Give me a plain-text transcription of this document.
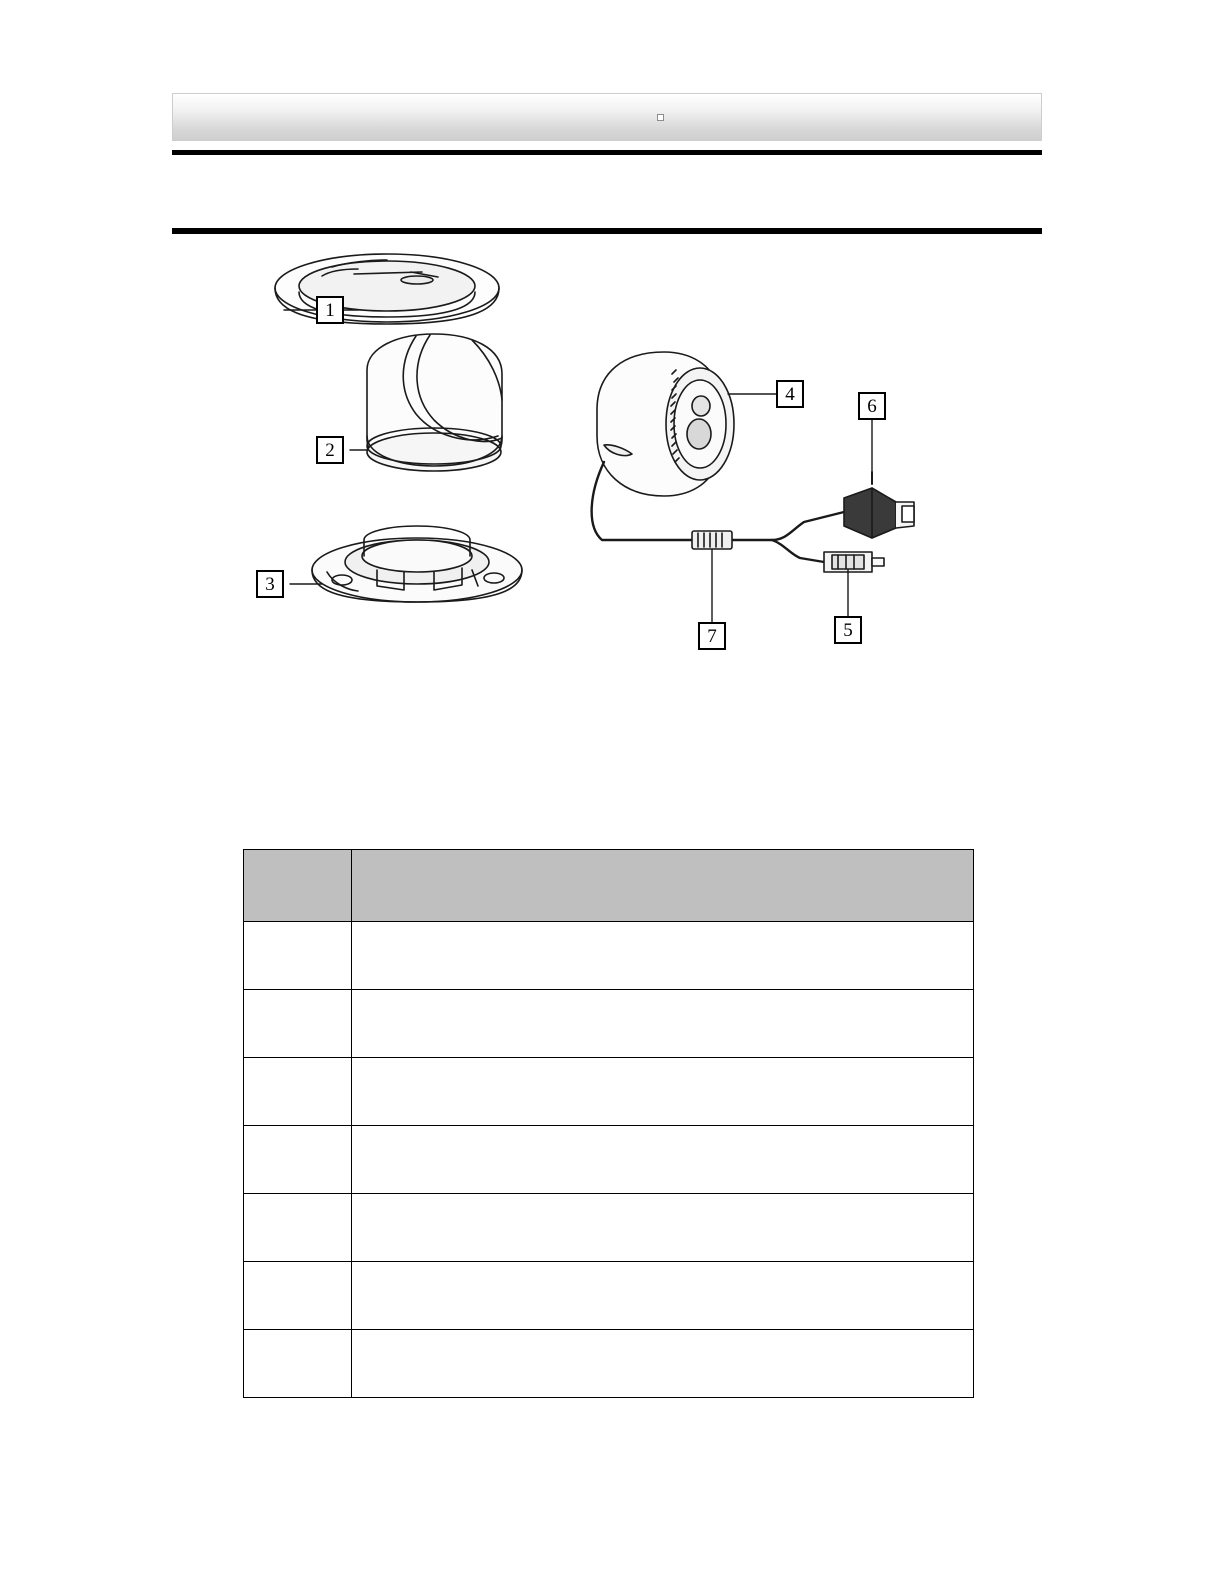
1
2
3
4
5
6
7
